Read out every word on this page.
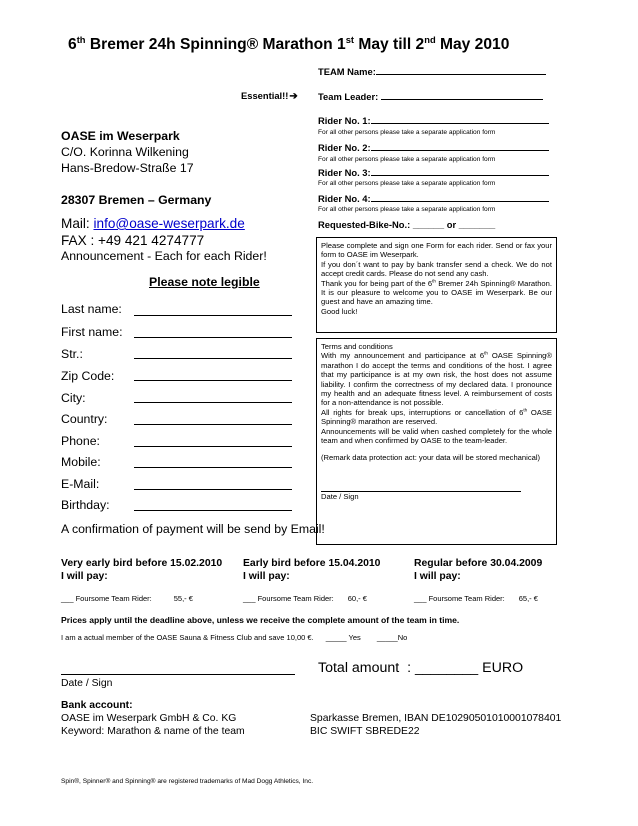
6th Bremer 24h Spinning® Marathon 1st May till 2nd May 2010
TEAM Name:
Essential!!➔ Team Leader:
Rider No. 1:
For all other persons please take a separate application form
Rider No. 2:
For all other persons please take a separate application form
Rider No. 3:
For all other persons please take a separate application form
Rider No. 4:
For all other persons please take a separate application form
Requested-Bike-No.: ______ or _______
OASE im Weserpark
C/O. Korinna Wilkening
Hans-Bredow-Straße 17
28307 Bremen – Germany
Mail: info@oase-weserpark.de
FAX : +49 421 4274777
Announcement - Each for each Rider!
Please note legible
Last name:
First name:
Str.:
Zip Code:
City:
Country:
Phone:
Mobile:
E-Mail:
Birthday:
A confirmation of payment will be send by Email!

Please complete and sign one Form for each rider. Send or fax your form to OASE im Weserpark.

If you don´t want to pay by bank transfer send a check. We do not accept credit cards. Please do not send any cash.

Thank you for being part of the 6th Bremer 24h Spinning® Marathon. It is our pleasure to welcome you to OASE im Weserpark. Be our guest and have an amazing time.

Good luck!

Terms and conditions

With my announcement and participance at 6th OASE Spinning® marathon I do accept the terms and conditions of the host. I agree that my participance is at my own risk, the host does not assume liability. I confirm the correctness of my declared data. I pronounce my health and an adequate fitness level. A reimbursement of costs for a non-attendance is not possible.

All rights for break ups, interruptions or cancellation of 6th OASE Spinning® marathon are reserved.

Announcements will be valid when cashed completely for the whole team and when confirmed by OASE to the team-leader.

(Remark data protection act: your data will be stored mechanical)

Date / Sign

Very early bird before 15.02.2010
I will pay:
Early bird before 15.04.2010
I will pay:
Regular before 30.04.2009
I will pay:
___ Foursome Team Rider:	55,- €	___ Foursome Team Rider: 60,- €	___ Foursome Team Rider: 65,- €
Prices apply until the deadline above, unless we receive the complete amount of the team in time.
I am a actual member of the OASE Sauna & Fitness Club and save 10,00 €. _____ Yes _____No
Date / Sign
Total amount : ________ EURO
Bank account:
OASE im Weserpark GmbH & Co. KG
Keyword: Marathon & name of the team
Sparkasse Bremen, IBAN DE10290501010001078401
BIC SWIFT SBREDE22
Spin®, Spinner® and Spinning® are registered trademarks of Mad Dogg Athletics, Inc.
